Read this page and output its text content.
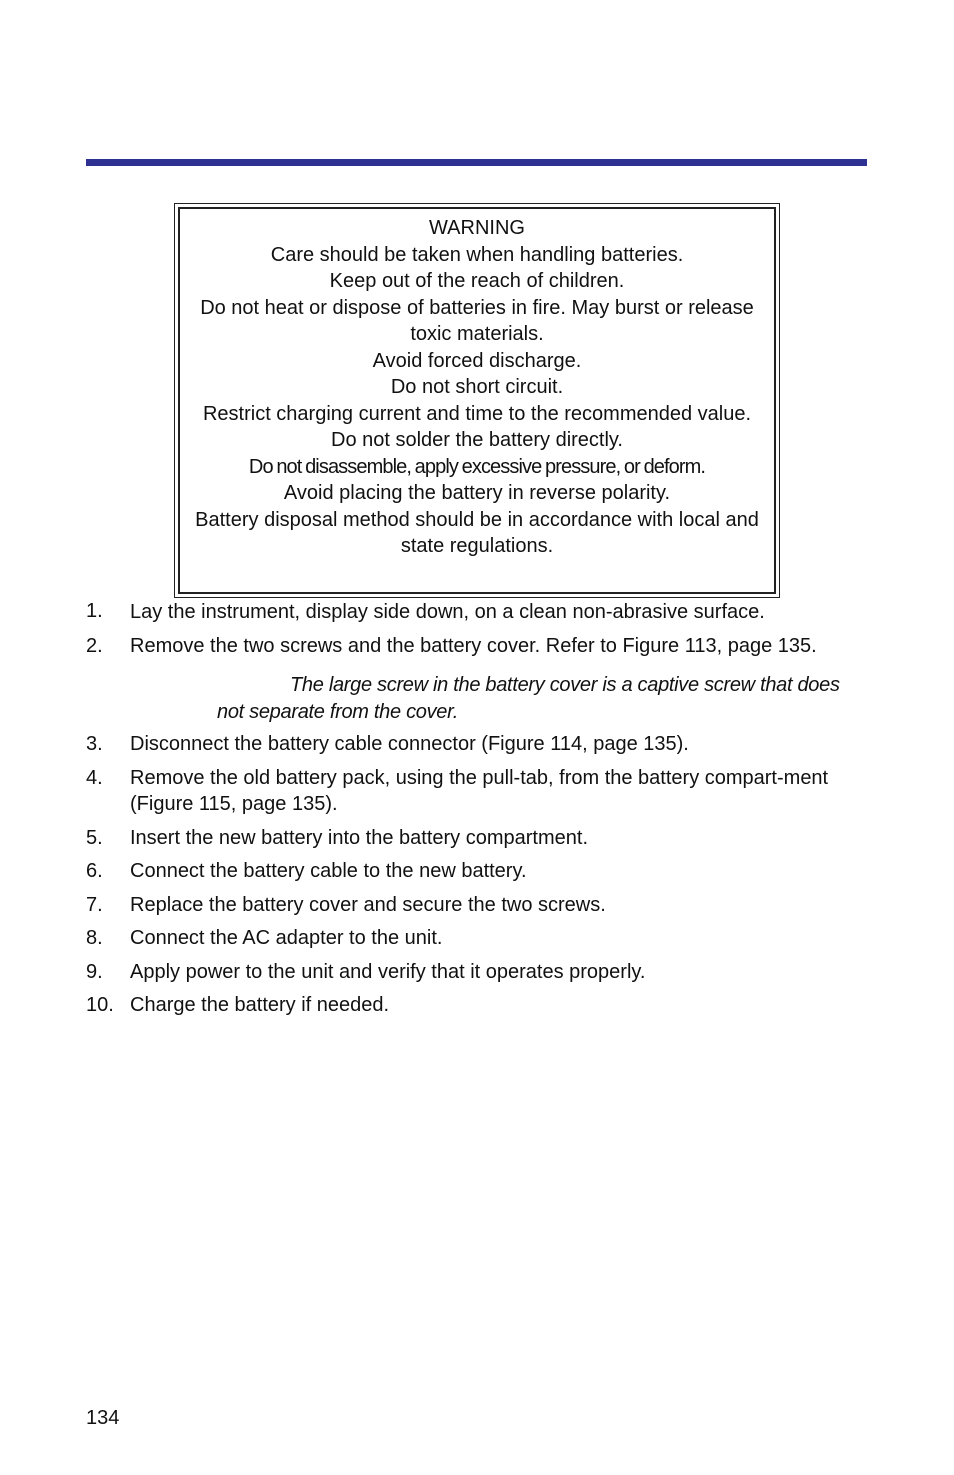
WARNING
Care should be taken when handling batteries.
Keep out of the reach of children.
Do not heat or dispose of batteries in fire. May burst or release toxic materials.
Avoid forced discharge.
Do not short circuit.
Restrict charging current and time to the recommended value.
Do not solder the battery directly.
Do not disassemble, apply excessive pressure, or deform.
Avoid placing the battery in reverse polarity.
Battery disposal method should be in accordance with local and state regulations.
1. Lay the instrument, display side down, on a clean non-abrasive surface.
2. Remove the two screws and the battery cover. Refer to Figure 113, page 135.
The large screw in the battery cover is a captive screw that does not separate from the cover.
3. Disconnect the battery cable connector (Figure 114, page 135).
4. Remove the old battery pack, using the pull-tab, from the battery compart-ment (Figure 115, page 135).
5. Insert the new battery into the battery compartment.
6. Connect the battery cable to the new battery.
7. Replace the battery cover and secure the two screws.
8. Connect the AC adapter to the unit.
9. Apply power to the unit and verify that it operates properly.
10. Charge the battery if needed.
134
